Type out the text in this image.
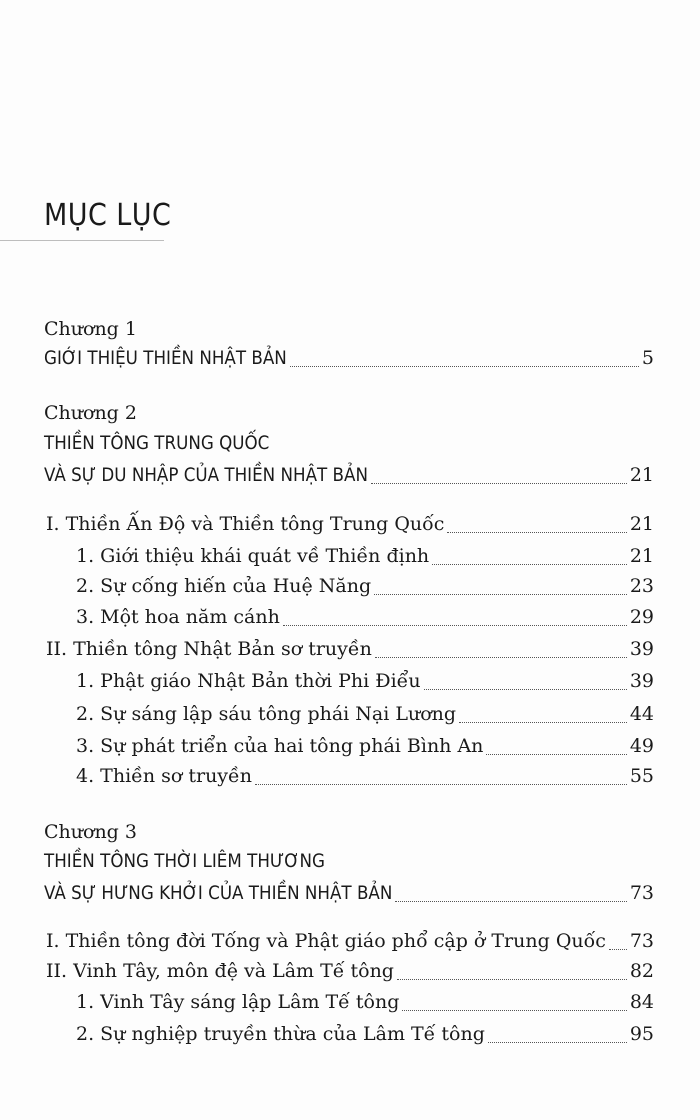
MỤC LỤC
Chương 1
GIỚI THIỆU THIỀN NHẬT BẢN	5
Chương 2
THIỀN TÔNG TRUNG QUỐC
VÀ SỰ DU NHẬP CỦA THIỀN NHẬT BẢN	21
I. Thiền Ấn Độ và Thiền tông Trung Quốc	21
1. Giới thiệu khái quát về Thiền định	21
2. Sự cống hiến của Huệ Năng	23
3. Một hoa năm cánh	29
II. Thiền tông Nhật Bản sơ truyền	39
1. Phật giáo Nhật Bản thời Phi Điểu	39
2. Sự sáng lập sáu tông phái Nại Lương	44
3. Sự phát triển của hai tông phái Bình An	49
4. Thiền sơ truyền	55
Chương 3
THIỀN TÔNG THỜI LIÊM THƯƠNG
VÀ SỰ HƯNG KHỞI CỦA THIỀN NHẬT BẢN	73
I. Thiền tông đời Tống và Phật giáo phổ cập ở Trung Quốc 73
II. Vinh Tây, môn đệ và Lâm Tế tông	82
1. Vinh Tây sáng lập Lâm Tế tông	84
2. Sự nghiệp truyền thừa của Lâm Tế tông	95
